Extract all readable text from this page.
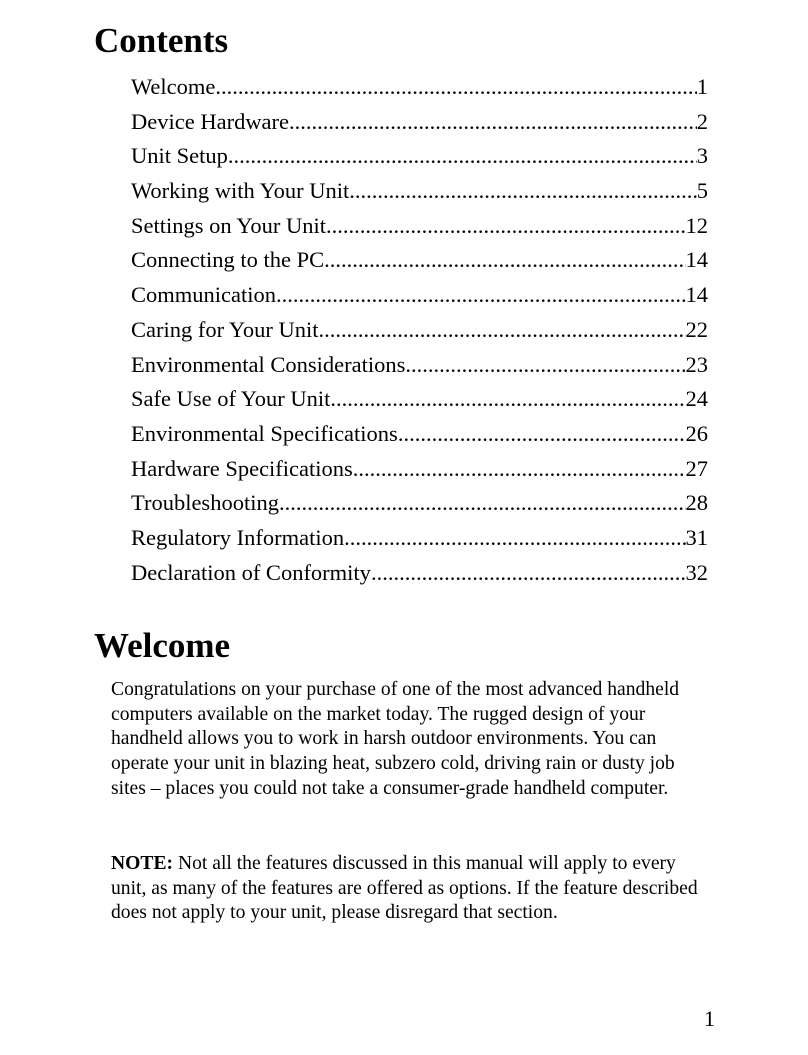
Contents
Welcome .....	1
Device Hardware .....	2
Unit Setup .....	3
Working with Your Unit .....	5
Settings on Your Unit .....	12
Connecting to the PC .....	14
Communication .....	14
Caring for Your Unit .....	22
Environmental Considerations .....	23
Safe Use of Your Unit .....	24
Environmental Specifications .....	26
Hardware Specifications .....	27
Troubleshooting .....	28
Regulatory Information .....	31
Declaration of Conformity .....	32
Welcome

Congratulations on your purchase of one of the most advanced handheld computers available on the market today. The rugged design of your handheld allows you to work in harsh outdoor environments. You can operate your unit in blazing heat, subzero cold, driving rain or dusty job sites – places you could not take a consumer-grade handheld computer.

NOTE: Not all the features discussed in this manual will apply to every unit, as many of the features are offered as options. If the feature described does not apply to your unit, please disregard that section.

1
